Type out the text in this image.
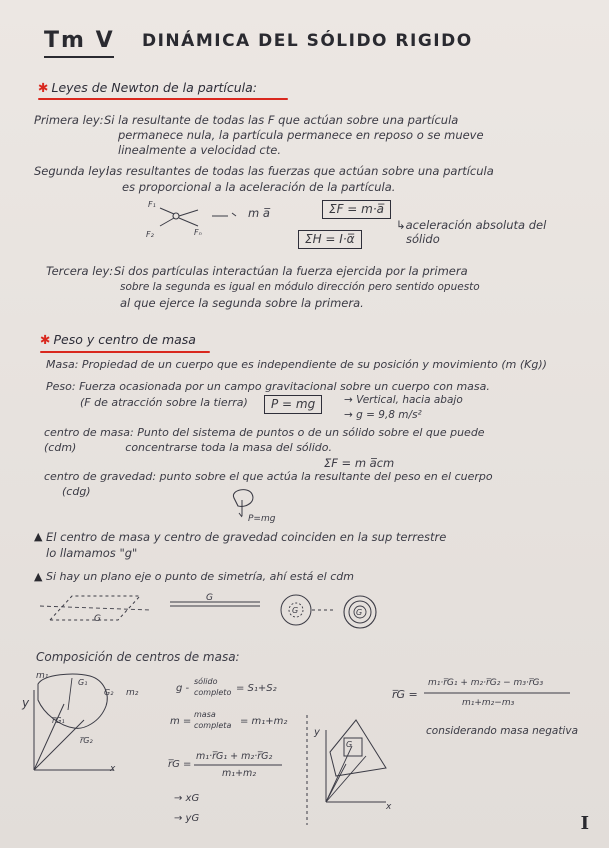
Tm V DINÁMICA DEL SÓLIDO RIGIDO
✱ Leyes de Newton de la partícula:
Primera ley: Si la resultante de todas las F que actúan sobre una partícula
permanece nula, la partícula permanece en reposo o se mueve
linealmente a velocidad cte.
Segunda ley:
las resultantes de todas las fuerzas que actúan sobre una partícula
es proporcional a la aceleración de la partícula.
F₁
F₂	Fₙ
m a̅	ΣF = m·a̅
ΣH = I·α̅
↳aceleración absoluta del
sólido
Tercera ley: Si dos partículas interactúan la fuerza ejercida por la primera
sobre la segunda es igual en módulo dirección pero sentido opuesto
al que ejerce la segunda sobre la primera.
✱ Peso y centro de masa
Masa: Propiedad de un cuerpo que es independiente de su posición y movimiento (m (Kg))
Peso: Fuerza ocasionada por un campo gravitacional sobre un cuerpo con masa.
(F de atracción sobre la tierra)	P = mg	→ Vertical, hacia abajo
→ g = 9,8 m/s²
centro de masa: Punto del sistema de puntos o de un sólido sobre el que puede
(cdm)              concentrarse toda la masa del sólido.
ΣF = m a̅cm
centro de gravedad: punto sobre el que actúa la resultante del peso en el cuerpo
(cdg)
P=mg
▲ El centro de masa y centro de gravedad coinciden en la sup terrestre
lo llamamos "g"
▲ Si hay un plano eje o punto de simetría, ahí está el cdm
G
G
G	G
Composición de centros de masa:
m₁
m₂
G₁
G₂
r̅G₁
r̅G₂
y
x
g -
sólido
completo = S₁+S₂
m =
masa
completa = m₁+m₂
r̅G =
m₁·r̅G₁ + m₂·r̅G₂
m₁+m₂
→ xG
→ yG
r̅G =
m₁·r̅G₁ + m₂·r̅G₂ − m₃·r̅G₃
m₁+m₂−m₃
considerando masa negativa
G
y
x
I
